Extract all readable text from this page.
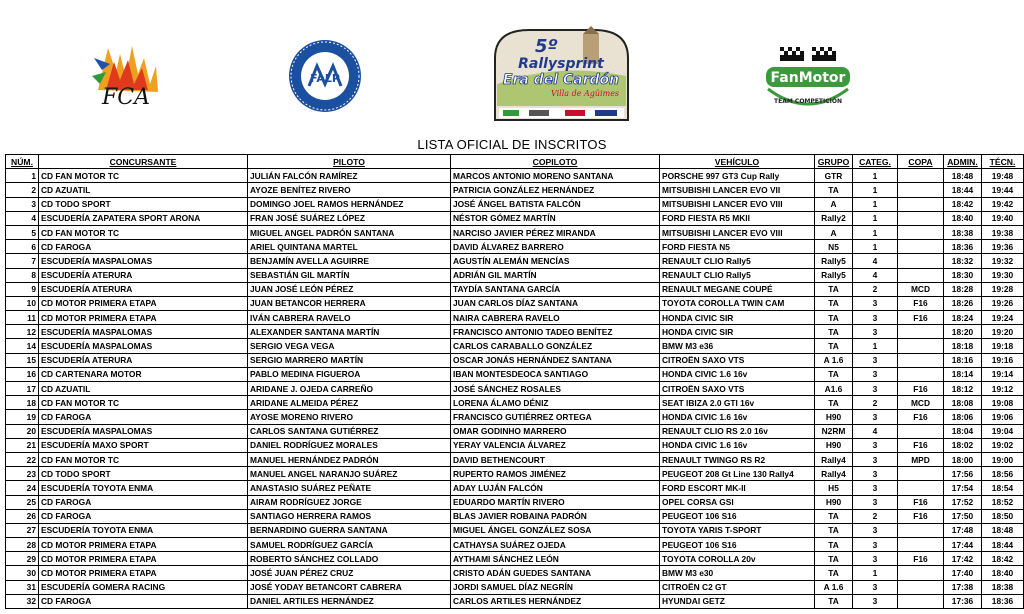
FCA
FALP
5º
Rallysprint
Era del Cardón
Villa de Agüimes
FanMotor
TEAM COMPETICIÓN
LISTA OFICIAL DE INSCRITOS
NÚM.	CONCURSANTE	PILOTO	COPILOTO	VEHÍCULO	GRUPO	CATEG.	COPA	ADMIN.	TÉCN.
1	CD FAN MOTOR TC	JULIÁN FALCÓN RAMÍREZ	MARCOS ANTONIO MORENO SANTANA	PORSCHE 997 GT3 Cup Rally	GTR	1		18:48	19:48
2	CD AZUATIL	AYOZE BENÍTEZ RIVERO	PATRICIA GONZÁLEZ HERNÁNDEZ	MITSUBISHI LANCER EVO VII	TA	1		18:44	19:44
3	CD TODO SPORT	DOMINGO JOEL RAMOS HERNÁNDEZ	JOSÉ ÁNGEL BATISTA FALCÓN	MITSUBISHI LANCER EVO VIII	A	1		18:42	19:42
4	ESCUDERÍA ZAPATERA SPORT ARONA	FRAN JOSÉ SUÁREZ LÓPEZ	NÉSTOR GÓMEZ MARTÍN	FORD FIESTA R5 MKII	Rally2	1		18:40	19:40
5	CD FAN MOTOR TC	MIGUEL ANGEL PADRÓN SANTANA	NARCISO JAVIER PÉREZ MIRANDA	MITSUBISHI LANCER EVO VIII	A	1		18:38	19:38
6	CD FAROGA	ARIEL QUINTANA MARTEL	DAVID ÁLVAREZ BARRERO	FORD FIESTA N5	N5	1		18:36	19:36
7	ESCUDERÍA MASPALOMAS	BENJAMÍN AVELLA AGUIRRE	AGUSTÍN ALEMÁN MENCÍAS	RENAULT CLIO Rally5	Rally5	4		18:32	19:32
8	ESCUDERÍA ATERURA	SEBASTIÁN GIL MARTÍN	ADRIÁN GIL MARTÍN	RENAULT CLIO Rally5	Rally5	4		18:30	19:30
9	ESCUDERÍA ATERURA	JUAN JOSÉ LEÓN PÉREZ	TAYDÍA SANTANA GARCÍA	RENAULT MEGANE COUPÉ	TA	2	MCD	18:28	19:28
10	CD MOTOR PRIMERA ETAPA	JUAN BETANCOR HERRERA	JUAN CARLOS DÍAZ SANTANA	TOYOTA COROLLA TWIN CAM	TA	3	F16	18:26	19:26
11	CD MOTOR PRIMERA ETAPA	IVÁN CABRERA RAVELO	NAIRA CABRERA RAVELO	HONDA CIVIC SIR	TA	3	F16	18:24	19:24
12	ESCUDERÍA MASPALOMAS	ALEXANDER SANTANA MARTÍN	FRANCISCO ANTONIO TADEO BENÍTEZ	HONDA CIVIC SIR	TA	3		18:20	19:20
14	ESCUDERÍA MASPALOMAS	SERGIO VEGA VEGA	CARLOS CARABALLO GONZÁLEZ	BMW M3 e36	TA	1		18:18	19:18
15	ESCUDERÍA ATERURA	SERGIO MARRERO MARTÍN	OSCAR JONÁS HERNÁNDEZ SANTANA	CITROËN SAXO VTS	A 1.6	3		18:16	19:16
16	CD CARTENARA MOTOR	PABLO MEDINA FIGUEROA	IBAN MONTESDEOCA SANTIAGO	HONDA CIVIC 1.6 16v	TA	3		18:14	19:14
17	CD AZUATIL	ARIDANE J. OJEDA CARREÑO	JOSÉ SÁNCHEZ ROSALES	CITROËN SAXO VTS	A1.6	3	F16	18:12	19:12
18	CD FAN MOTOR TC	ARIDANE ALMEIDA PÉREZ	LORENA ÁLAMO DÉNIZ	SEAT IBIZA 2.0 GTI 16v	TA	2	MCD	18:08	19:08
19	CD FAROGA	AYOSE MORENO RIVERO	FRANCISCO GUTIÉRREZ ORTEGA	HONDA CIVIC 1.6 16v	H90	3	F16	18:06	19:06
20	ESCUDERÍA MASPALOMAS	CARLOS SANTANA GUTIÉRREZ	OMAR GODINHO MARRERO	RENAULT CLIO RS 2.0 16v	N2RM	4		18:04	19:04
21	ESCUDERÍA MAXO SPORT	DANIEL RODRÍGUEZ MORALES	YERAY VALENCIA ÁLVAREZ	HONDA CIVIC 1.6 16v	H90	3	F16	18:02	19:02
22	CD FAN MOTOR TC	MANUEL HERNÁNDEZ PADRÓN	DAVID BETHENCOURT	RENAULT TWINGO RS R2	Rally4	3	MPD	18:00	19:00
23	CD TODO SPORT	MANUEL ANGEL NARANJO SUÁREZ	RUPERTO RAMOS JIMÉNEZ	PEUGEOT 208 Gt Line 130 Rally4	Rally4	3		17:56	18:56
24	ESCUDERÍA TOYOTA ENMA	ANASTASIO SUÁREZ PEÑATE	ADAY LUJÁN FALCÓN	FORD ESCORT MK-II	H5	3		17:54	18:54
25	CD FAROGA	AIRAM RODRÍGUEZ JORGE	EDUARDO MARTÍN RIVERO	OPEL CORSA GSI	H90	3	F16	17:52	18:52
26	CD FAROGA	SANTIAGO HERRERA RAMOS	BLAS JAVIER ROBAINA PADRÓN	PEUGEOT 106 S16	TA	2	F16	17:50	18:50
27	ESCUDERÍA TOYOTA ENMA	BERNARDINO GUERRA SANTANA	MIGUEL ÁNGEL GONZÁLEZ SOSA	TOYOTA YARIS T-SPORT	TA	3		17:48	18:48
28	CD MOTOR PRIMERA ETAPA	SAMUEL RODRÍGUEZ GARCÍA	CATHAYSA SUÁREZ OJEDA	PEUGEOT 106 S16	TA	3		17:44	18:44
29	CD MOTOR PRIMERA ETAPA	ROBERTO SÁNCHEZ COLLADO	AYTHAMI SÁNCHEZ LEÓN	TOYOTA COROLLA 20v	TA	3	F16	17:42	18:42
30	CD MOTOR PRIMERA ETAPA	JOSÉ JUAN PÉREZ CRUZ	CRISTO ADÁN GUEDES SANTANA	BMW M3 e30	TA	1		17:40	18:40
31	ESCUDERÍA GOMERA RACING	JOSÉ YODAY BETANCORT CABRERA	JORDI SAMUEL DÍAZ NEGRÍN	CITROËN C2 GT	A 1.6	3		17:38	18:38
32	CD FAROGA	DANIEL ARTILES HERNÁNDEZ	CARLOS ARTILES HERNÁNDEZ	HYUNDAI GETZ	TA	3		17:36	18:36
